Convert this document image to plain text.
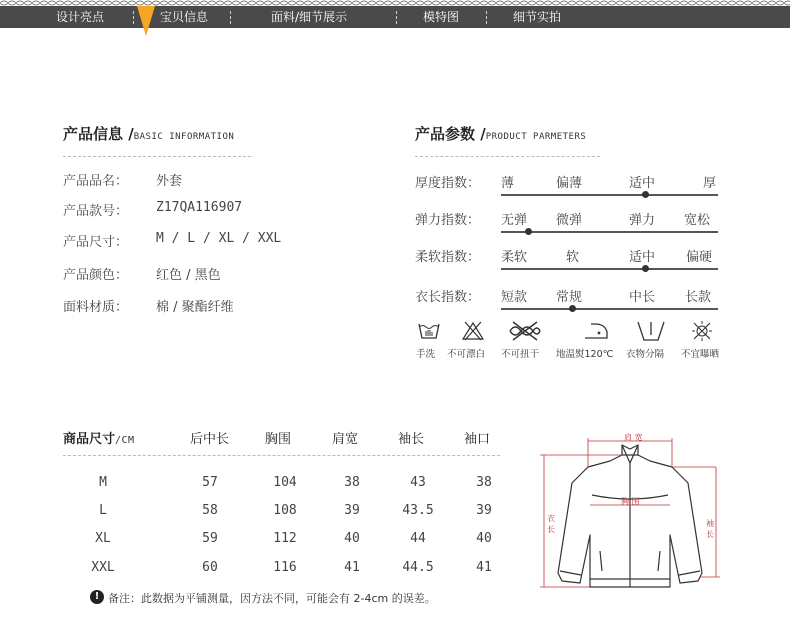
设计亮点	宝贝信息	面料/细节展示	模特图	细节实拍
产品信息 /BASIC INFORMATION
产品品名： 外套
产品款号： Z17QA116907
产品尺寸： M / L / XL / XXL
产品颜色： 红色 / 黑色
面料材质： 棉 / 聚酯纤维
产品参数 /PRODUCT PARMETERS
厚度指数： 薄	偏薄	适中	厚
弹力指数： 无弹 微弹	弹力 宽松
柔软指数： 柔软	软	适中 偏硬
衣长指数： 短款 常规	中长 长款
手洗 不可漂白 不可扭干 地温熨120℃ 衣物分隔 不宜曝晒
商品尺寸/CM	后中长	胸围	肩宽	袖长	袖口
M	57	104	38	43	38
L	58	108	39	43.5	39
XL	59	112	40	44	40
XXL	60	116	41	44.5	41
! 备注：此数据为平铺测量，因方法不同，可能会有 2-4cm 的误差。
肩 宽
胸 围
衣
长
袖
长
